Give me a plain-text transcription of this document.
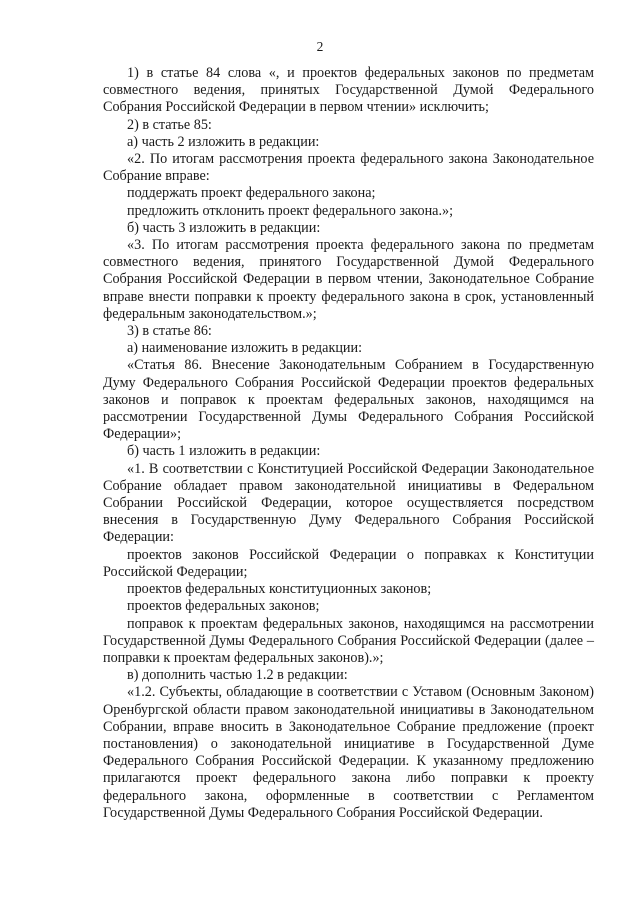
2

1) в статье 84 слова «, и проектов федеральных законов по предметам совместного ведения, принятых Государственной Думой Федерального Собрания Российской Федерации в первом чтении» исключить;

2) в статье 85:

а) часть 2 изложить в редакции:

«2. По итогам рассмотрения проекта федерального закона Законодательное Собрание вправе:

поддержать проект федерального закона;

предложить отклонить проект федерального закона.»;

б) часть 3 изложить в редакции:

«3. По итогам рассмотрения проекта федерального закона по предметам совместного ведения, принятого Государственной Думой Федерального Собрания Российской Федерации в первом чтении, Законодательное Собрание вправе внести поправки к проекту федерального закона в срок, установленный федеральным законодательством.»;

3) в статье 86:

а) наименование изложить в редакции:

«Статья 86. Внесение Законодательным Собранием в Государственную Думу Федерального Собрания Российской Федерации проектов федеральных законов и поправок к проектам федеральных законов, находящимся на рассмотрении Государственной Думы Федерального Собрания Российской Федерации»;

б) часть 1 изложить в редакции:

«1. В соответствии с Конституцией Российской Федерации Законодательное Собрание обладает правом законодательной инициативы в Федеральном Собрании Российской Федерации, которое осуществляется посредством внесения в Государственную Думу Федерального Собрания Российской Федерации:

проектов законов Российской Федерации о поправках к Конституции Российской Федерации;

проектов федеральных конституционных законов;

проектов федеральных законов;

поправок к проектам федеральных законов, находящимся на рассмотрении Государственной Думы Федерального Собрания Российской Федерации (далее – поправки к проектам федеральных законов).»;

в) дополнить частью 1.2 в редакции:

«1.2. Субъекты, обладающие в соответствии с Уставом (Основным Законом) Оренбургской области правом законодательной инициативы в Законодательном Собрании, вправе вносить в Законодательное Собрание предложение (проект постановления) о законодательной инициативе в Государственной Думе Федерального Собрания Российской Федерации. К указанному предложению прилагаются проект федерального закона либо поправки к проекту федерального закона, оформленные в соответствии с Регламентом Государственной Думы Федерального Собрания Российской Федерации.
